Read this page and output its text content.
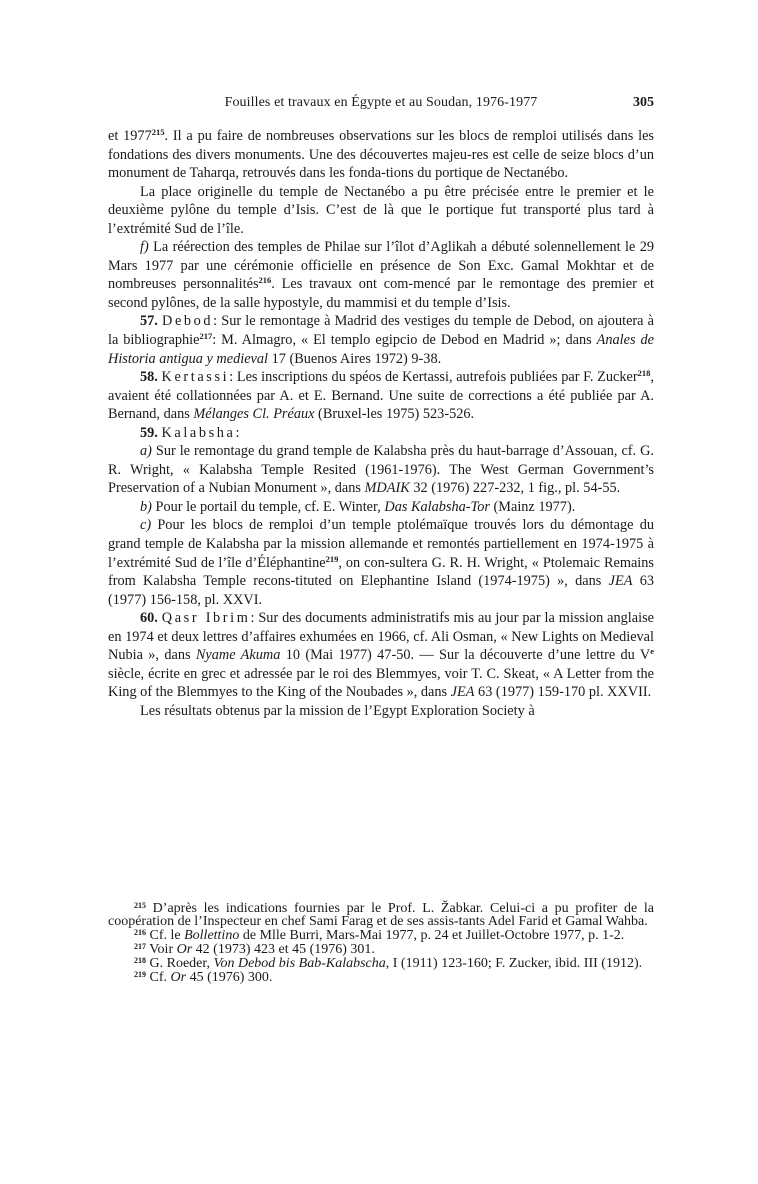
Fouilles et travaux en Égypte et au Soudan, 1976-1977	305

et 1977$^{215}$. Il a pu faire de nombreuses observations sur les blocs de remploi utilisés dans les fondations des divers monuments. Une des découvertes majeu-res est celle de seize blocs d’un monument de Taharqa, retrouvés dans les fonda-tions du portique de Nectanébo.

La place originelle du temple de Nectanébo a pu être précisée entre le premier et le deuxième pylône du temple d’Isis. C’est de là que le portique fut transporté plus tard à l’extrémité Sud de l’île.

f) La réérection des temples de Philae sur l’îlot d’Aglikah a débuté solennellement le 29 Mars 1977 par une cérémonie officielle en présence de Son Exc. Gamal Mokhtar et de nombreuses personnalités$^{216}$. Les travaux ont com-mencé par le remontage des premier et second pylônes, de la salle hypostyle, du mammisi et du temple d’Isis.

57. Debod: Sur le remontage à Madrid des vestiges du temple de Debod, on ajoutera à la bibliographie$^{217}$: M. Almagro, « El templo egipcio de Debod en Madrid »; dans Anales de Historia antigua y medieval 17 (Buenos Aires 1972) 9-38.

58. Kertassi: Les inscriptions du spéos de Kertassi, autrefois publiées par F. Zucker$^{218}$, avaient été collationnées par A. et E. Bernand. Une suite de corrections a été publiée par A. Bernand, dans Mélanges Cl. Préaux (Bruxel-les 1975) 523-526.

59. Kalabsha:

a) Sur le remontage du grand temple de Kalabsha près du haut-barrage d’Assouan, cf. G. R. Wright, « Kalabsha Temple Resited (1961-1976). The West German Government’s Preservation of a Nubian Monument », dans MDAIK 32 (1976) 227-232, 1 fig., pl. 54-55.

b) Pour le portail du temple, cf. E. Winter, Das Kalabsha-Tor (Mainz 1977).

c) Pour les blocs de remploi d’un temple ptolémaïque trouvés lors du démontage du grand temple de Kalabsha par la mission allemande et remontés partiellement en 1974-1975 à l’extrémité Sud de l’île d’Éléphantine$^{219}$, on con-sultera G. R. H. Wright, « Ptolemaic Remains from Kalabsha Temple recons-tituted on Elephantine Island (1974-1975) », dans JEA 63 (1977) 156-158, pl. XXVI.

60. Qasr Ibrim: Sur des documents administratifs mis au jour par la mission anglaise en 1974 et deux lettres d’affaires exhumées en 1966, cf. Ali Osman, « New Lights on Medieval Nubia », dans Nyame Akuma 10 (Mai 1977) 47-50. — Sur la découverte d’une lettre du Ve siècle, écrite en grec et adressée par le roi des Blemmyes, voir T. C. Skeat, « A Letter from the King of the Blemmyes to the King of the Noubades », dans JEA 63 (1977) 159-170 pl. XXVII.

Les résultats obtenus par la mission de l’Egypt Exploration Society à

$^{215}$ D’après les indications fournies par le Prof. L. Žabkar. Celui-ci a pu profiter de la coopération de l’Inspecteur en chef Sami Farag et de ses assis-tants Adel Farid et Gamal Wahba.

$^{216}$ Cf. le Bollettino de Mlle Burri, Mars-Mai 1977, p. 24 et Juillet-Octobre 1977, p. 1-2.

$^{217}$ Voir Or 42 (1973) 423 et 45 (1976) 301.

$^{218}$ G. Roeder, Von Debod bis Bab-Kalabscha, I (1911) 123-160; F. Zucker, ibid. III (1912).

$^{219}$ Cf. Or 45 (1976) 300.
